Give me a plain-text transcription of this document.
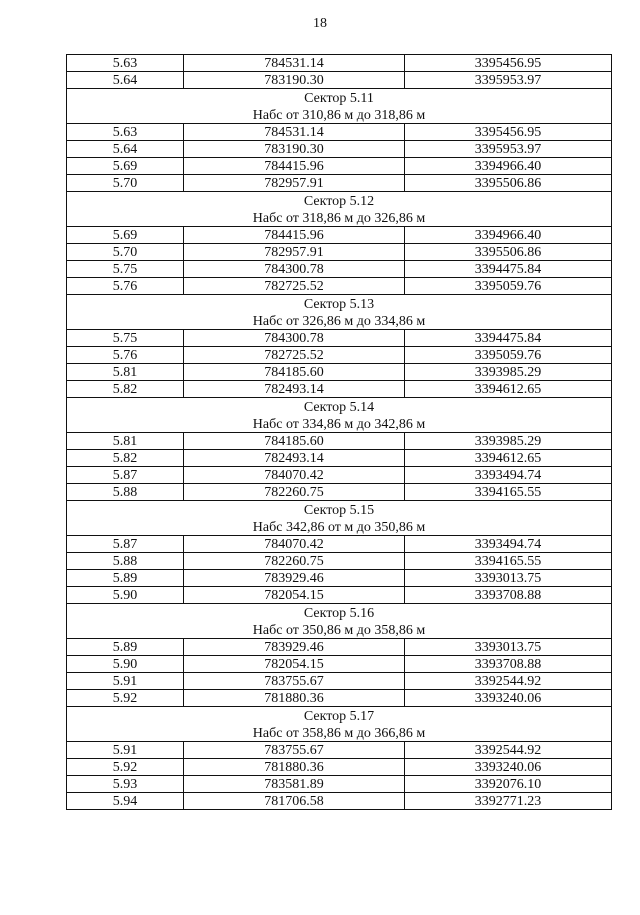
18
5.63	784531.14	3395456.95
5.64	783190.30	3395953.97
Сектор 5.11		
Набс от 310,86 м до 318,86 м		
5.63	784531.14	3395456.95
5.64	783190.30	3395953.97
5.69	784415.96	3394966.40
5.70	782957.91	3395506.86
Сектор 5.12		
Набс от 318,86 м до 326,86 м		
5.69	784415.96	3394966.40
5.70	782957.91	3395506.86
5.75	784300.78	3394475.84
5.76	782725.52	3395059.76
Сектор 5.13		
Набс от 326,86 м до 334,86 м		
5.75	784300.78	3394475.84
5.76	782725.52	3395059.76
5.81	784185.60	3393985.29
5.82	782493.14	3394612.65
Сектор 5.14		
Набс от 334,86 м до 342,86 м		
5.81	784185.60	3393985.29
5.82	782493.14	3394612.65
5.87	784070.42	3393494.74
5.88	782260.75	3394165.55
Сектор 5.15		
Набс 342,86 от м до 350,86 м		
5.87	784070.42	3393494.74
5.88	782260.75	3394165.55
5.89	783929.46	3393013.75
5.90	782054.15	3393708.88
Сектор 5.16		
Набс от 350,86 м до 358,86 м		
5.89	783929.46	3393013.75
5.90	782054.15	3393708.88
5.91	783755.67	3392544.92
5.92	781880.36	3393240.06
Сектор 5.17		
Набс от 358,86 м до 366,86 м		
5.91	783755.67	3392544.92
5.92	781880.36	3393240.06
5.93	783581.89	3392076.10
5.94	781706.58	3392771.23
